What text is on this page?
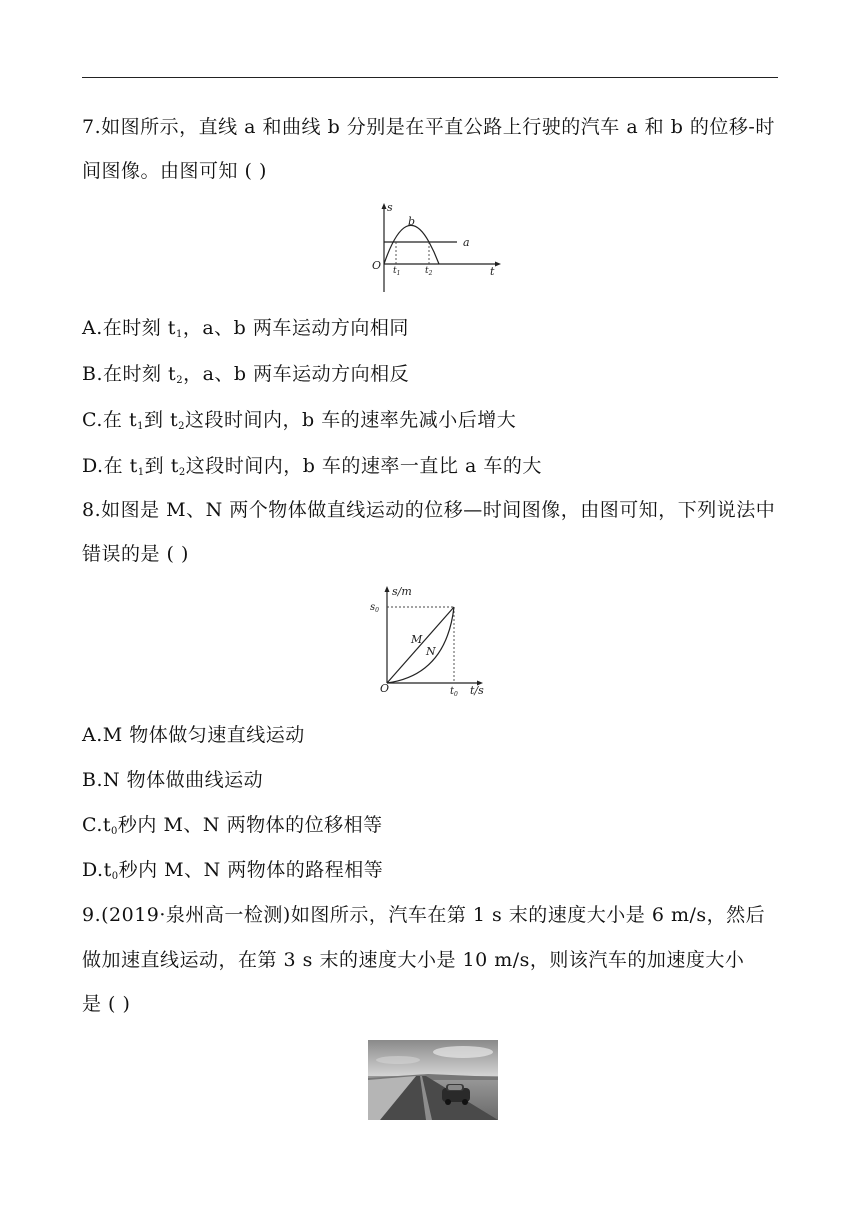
7.如图所示，直线 a 和曲线 b 分别是在平直公路上行驶的汽车 a 和 b 的位移-时
间图像。由图可知 ( )
s
t
O
b
a
$t_1$	$t_2$
A.在时刻 $t_1$，a、b 两车运动方向相同
B.在时刻 $t_2$，a、b 两车运动方向相反
C.在 $t_1$到 $t_2$这段时间内，b 车的速率先减小后增大
D.在 $t_1$到 $t_2$这段时间内，b 车的速率一直比 a 车的大
8.如图是 M、N 两个物体做直线运动的位移—时间图像，由图可知，下列说法中
错误的是 ( )
s/m
t/s
O
$s_0$
$t_0$
M
N
A.M 物体做匀速直线运动
B.N 物体做曲线运动
$C.t_0$秒内 M、N 两物体的位移相等
$D.t_0$秒内 M、N 两物体的路程相等
9.(2019·泉州高一检测)如图所示，汽车在第 1 s 末的速度大小是 6 m/s，然后
做加速直线运动，在第 3 s 末的速度大小是 10 m/s，则该汽车的加速度大小
是 ( )
